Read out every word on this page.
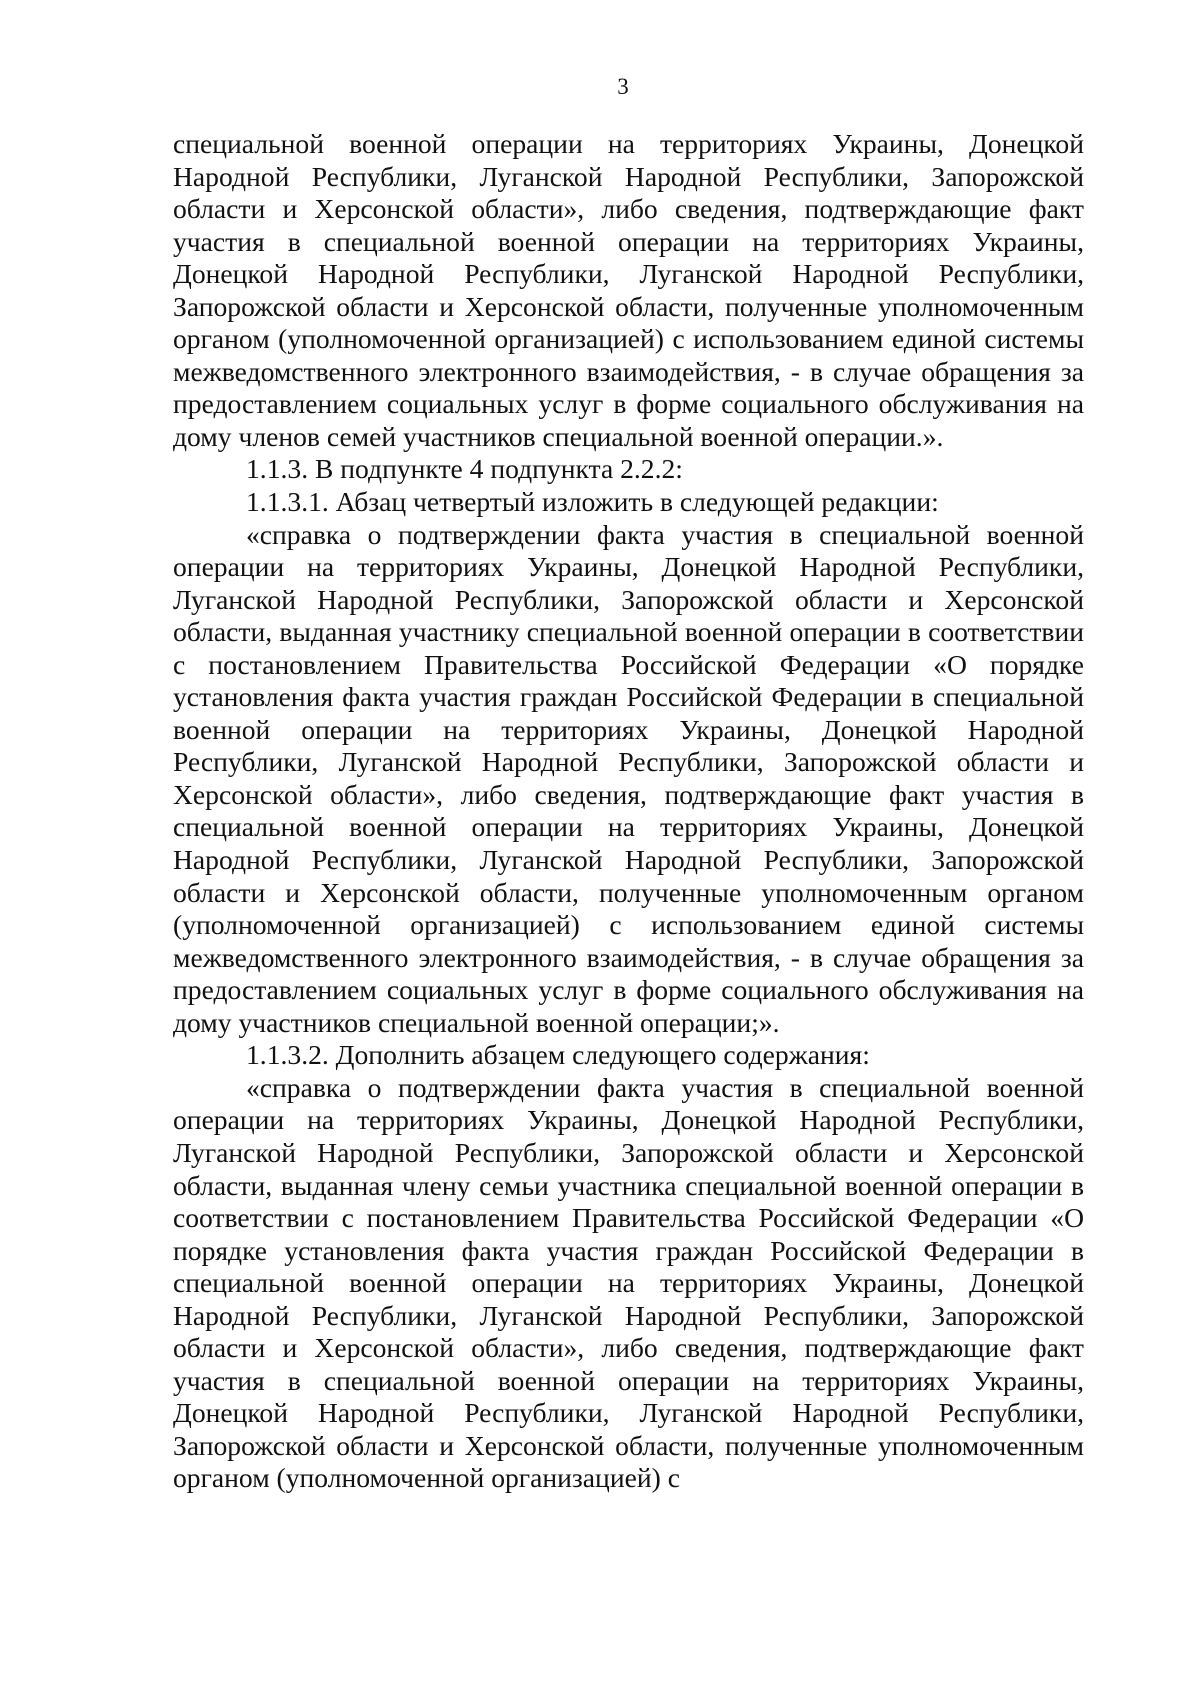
3

специальной военной операции на территориях Украины, Донецкой Народной Республики, Луганской Народной Республики, Запорожской области и Херсонской области», либо сведения, подтверждающие факт участия в специальной военной операции на территориях Украины, Донецкой Народной Республики, Луганской Народной Республики, Запорожской области и Херсонской области, полученные уполномоченным органом (уполномоченной организацией) с использованием единой системы межведомственного электронного взаимодействия, - в случае обращения за предоставлением социальных услуг в форме социального обслуживания на дому членов семей участников специальной военной операции.».

1.1.3. В подпункте 4 подпункта 2.2.2:

1.1.3.1. Абзац четвертый изложить в следующей редакции:

«справка о подтверждении факта участия в специальной военной операции на территориях Украины, Донецкой Народной Республики, Луганской Народной Республики, Запорожской области и Херсонской области, выданная участнику специальной военной операции в соответствии с постановлением Правительства Российской Федерации «О порядке установления факта участия граждан Российской Федерации в специальной военной операции на территориях Украины, Донецкой Народной Республики, Луганской Народной Республики, Запорожской области и Херсонской области», либо сведения, подтверждающие факт участия в специальной военной операции на территориях Украины, Донецкой Народной Республики, Луганской Народной Республики, Запорожской области и Херсонской области, полученные уполномоченным органом (уполномоченной организацией) с использованием единой системы межведомственного электронного взаимодействия, - в случае обращения за предоставлением социальных услуг в форме социального обслуживания на дому участников специальной военной операции;».

1.1.3.2. Дополнить абзацем следующего содержания:

«справка о подтверждении факта участия в специальной военной операции на территориях Украины, Донецкой Народной Республики, Луганской Народной Республики, Запорожской области и Херсонской области, выданная члену семьи участника специальной военной операции в соответствии с постановлением Правительства Российской Федерации «О порядке установления факта участия граждан Российской Федерации в специальной военной операции на территориях Украины, Донецкой Народной Республики, Луганской Народной Республики, Запорожской области и Херсонской области», либо сведения, подтверждающие факт участия в специальной военной операции на территориях Украины, Донецкой Народной Республики, Луганской Народной Республики, Запорожской области и Херсонской области, полученные уполномоченным органом (уполномоченной организацией) с
